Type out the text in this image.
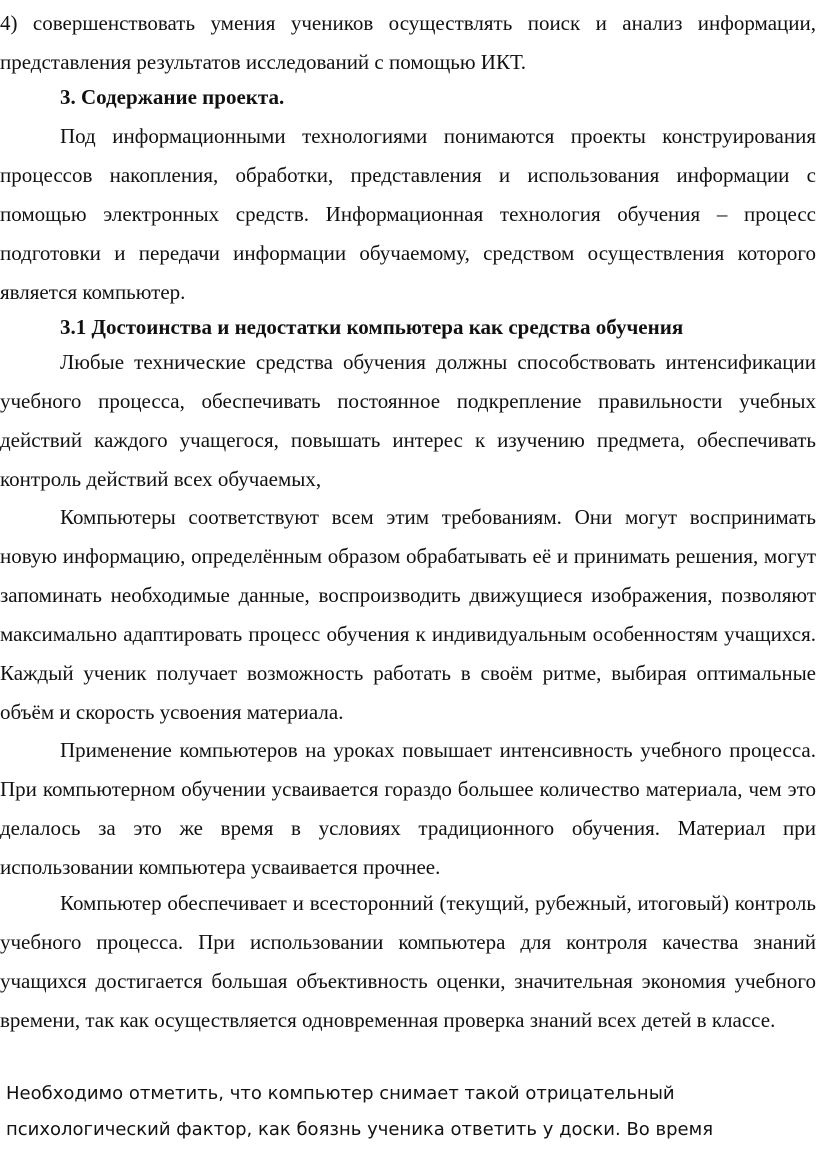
4) совершенствовать умения учеников осуществлять поиск и анализ информации, представления результатов исследований с помощью ИКТ.

3. Содержание проекта.

Под информационными технологиями понимаются проекты конструирования процессов накопления, обработки, представления и использования информации с помощью электронных средств. Информационная технология обучения – процесс подготовки и передачи информации обучаемому, средством осуществления которого является компьютер.

3.1 Достоинства и недостатки компьютера как средства обучения

Любые технические средства обучения должны способствовать интенсификации учебного процесса, обеспечивать постоянное подкрепление правильности учебных действий каждого учащегося, повышать интерес к изучению предмета, обеспечивать контроль действий всех обучаемых,

Компьютеры соответствуют всем этим требованиям. Они могут воспринимать новую информацию, определённым образом обрабатывать её и принимать решения, могут запоминать необходимые данные, воспроизводить движущиеся изображения, позволяют максимально адаптировать процесс обучения к индивидуальным особенностям учащихся. Каждый ученик получает возможность работать в своём ритме, выбирая оптимальные объём и скорость усвоения материала.

Применение компьютеров на уроках повышает интенсивность учебного процесса. При компьютерном обучении усваивается гораздо большее количество материала, чем это делалось за это же время в условиях традиционного обучения. Материал при использовании компьютера усваивается прочнее.

Компьютер обеспечивает и всесторонний (текущий, рубежный, итоговый) контроль учебного процесса. При использовании компьютера для контроля качества знаний учащихся достигается большая объективность оценки, значительная экономия учебного времени, так как осуществляется одновременная проверка знаний всех детей в классе.

Необходимо отметить, что компьютер снимает такой отрицательный
психологический фактор, как боязнь ученика ответить у доски. Во время
